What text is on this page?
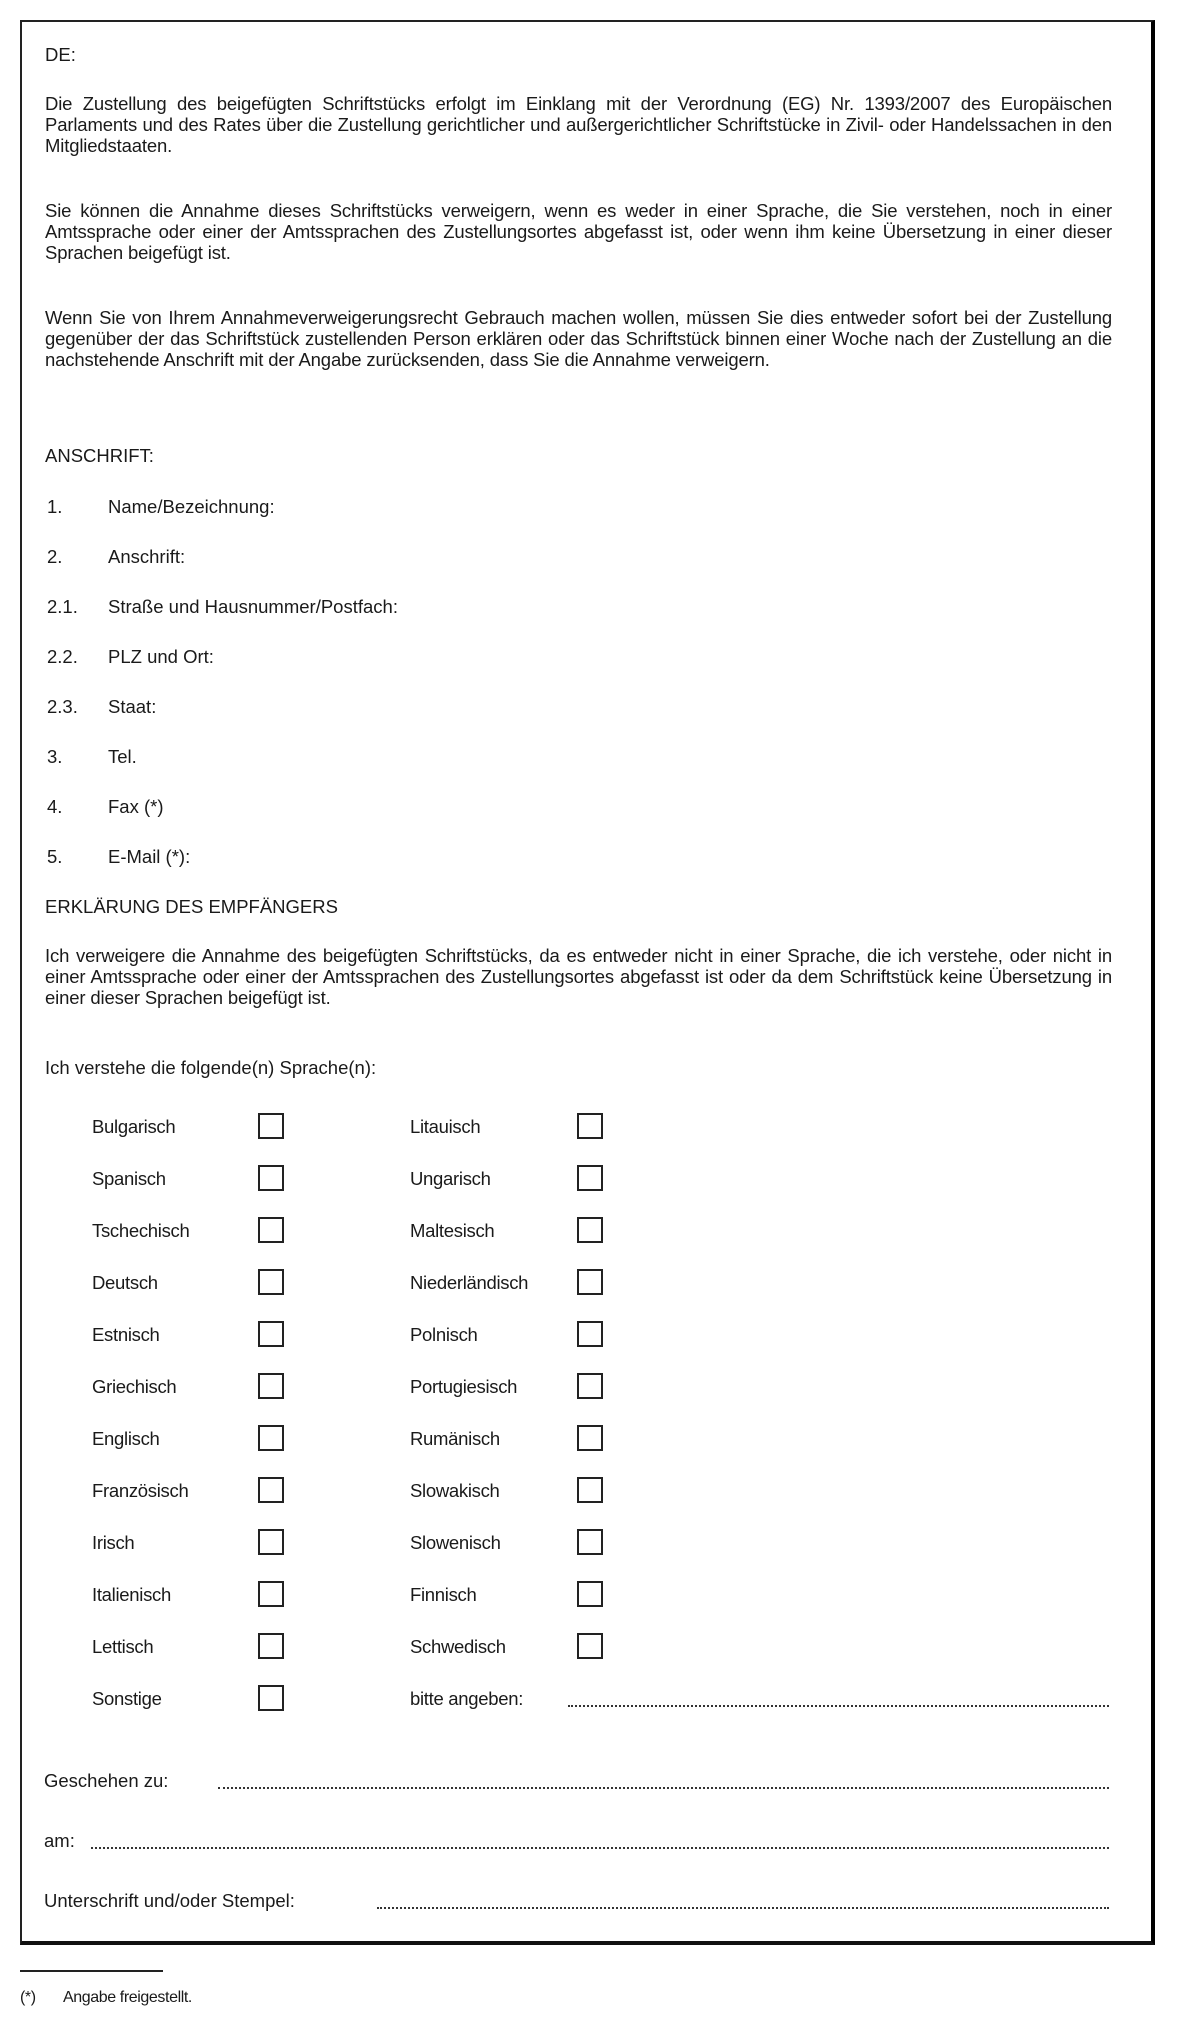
DE:
Die Zustellung des beigefügten Schriftstücks erfolgt im Einklang mit der Verordnung (EG) Nr. 1393/2007 des Europäischen Parlaments und des Rates über die Zustellung gerichtlicher und außergerichtlicher Schriftstücke in Zivil- oder Handelssachen in den Mitgliedstaaten.
Sie können die Annahme dieses Schriftstücks verweigern, wenn es weder in einer Sprache, die Sie verstehen, noch in einer Amtssprache oder einer der Amtssprachen des Zustellungsortes abgefasst ist, oder wenn ihm keine Übersetzung in einer dieser Sprachen beigefügt ist.
Wenn Sie von Ihrem Annahmeverweigerungsrecht Gebrauch machen wollen, müssen Sie dies entweder sofort bei der Zustellung gegenüber der das Schriftstück zustellenden Person erklären oder das Schriftstück binnen einer Woche nach der Zustellung an die nachstehende Anschrift mit der Angabe zurücksenden, dass Sie die Annahme verweigern.
ANSCHRIFT:
1. Name/Bezeichnung:
2. Anschrift:
2.1. Straße und Hausnummer/Postfach:
2.2. PLZ und Ort:
2.3. Staat:
3. Tel.
4. Fax (*)
5. E-Mail (*):
ERKLÄRUNG DES EMPFÄNGERS
Ich verweigere die Annahme des beigefügten Schriftstücks, da es entweder nicht in einer Sprache, die ich verstehe, oder nicht in einer Amtssprache oder einer der Amtssprachen des Zustellungsortes abgefasst ist oder da dem Schriftstück keine Übersetzung in einer dieser Sprachen beigefügt ist.
Ich verstehe die folgende(n) Sprache(n):
Bulgarisch
Spanisch
Tschechisch
Deutsch
Estnisch
Griechisch
Englisch
Französisch
Irisch
Italienisch
Lettisch
Sonstige
Litauisch
Ungarisch
Maltesisch
Niederländisch
Polnisch
Portugiesisch
Rumänisch
Slowakisch
Slowenisch
Finnisch
Schwedisch
bitte angeben:
Geschehen zu:
am:
Unterschrift und/oder Stempel:
(*) Angabe freigestellt.
